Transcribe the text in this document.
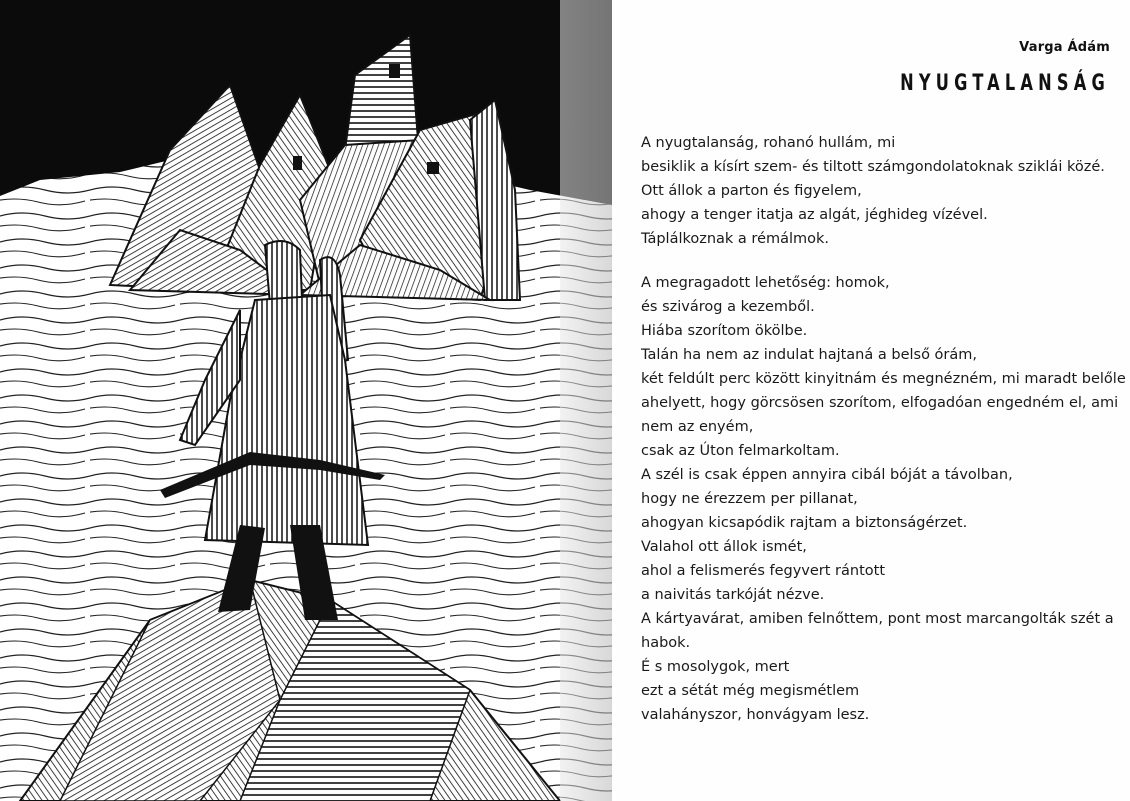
Varga Ádám
NYUGTALANSÁG
A nyugtalanság, rohanó hullám, mi
besiklik a kísírt szem- és tiltott számgondolatoknak sziklái közé.
Ott állok a parton és figyelem,
ahogy a tenger itatja az algát, jéghideg vízével.
Táplálkoznak a rémálmok.
A megragadott lehetőség: homok,
és szivárog a kezemből.
Hiába szorítom ökölbe.
Talán ha nem az indulat hajtaná a belső órám,
két feldúlt perc között kinyitnám és megnézném, mi maradt belőle
ahelyett, hogy görcsösen szorítom, elfogadóan engedném el, ami
nem az enyém,
csak az Úton felmarkoltam.
A szél is csak éppen annyira cibál bóját a távolban,
hogy ne érezzem per pillanat,
ahogyan kicsapódik rajtam a biztonságérzet.
Valahol ott állok ismét,
ahol a felismerés fegyvert rántott
a naivitás tarkóját nézve.
A kártyavárat, amiben felnőttem, pont most marcangolták szét a
habok.
É s mosolygok, mert
ezt a sétát még megismétlem
valahányszor, honvágyam lesz.
